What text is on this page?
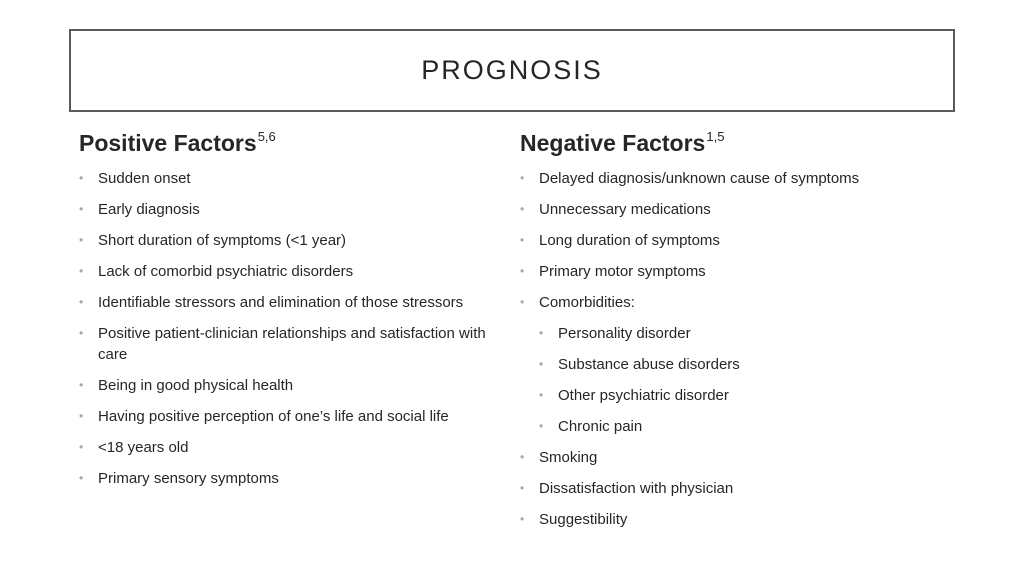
PROGNOSIS
Positive Factors$^{5,6}$
• Sudden onset
• Early diagnosis
• Short duration of symptoms (<1 year)
• Lack of comorbid psychiatric disorders
• Identifiable stressors and elimination of those stressors
• Positive patient-clinician relationships and satisfaction with care
• Being in good physical health
• Having positive perception of one’s life and social life
• <18 years old
• Primary sensory symptoms
Negative Factors$^{1,5}$
• Delayed diagnosis/unknown cause of symptoms
• Unnecessary medications
• Long duration of symptoms
• Primary motor symptoms
• Comorbidities:
• Personality disorder
• Substance abuse disorders
• Other psychiatric disorder
• Chronic pain
• Smoking
• Dissatisfaction with physician
• Suggestibility
